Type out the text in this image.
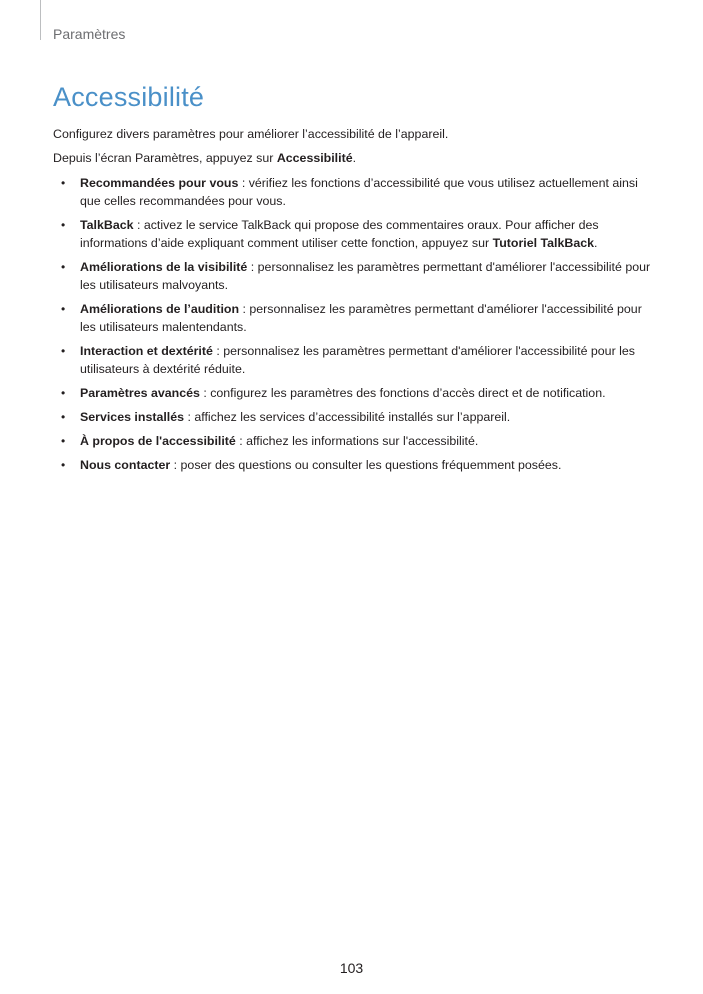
Paramètres
Accessibilité

Configurez divers paramètres pour améliorer l’accessibilité de l’appareil.

Depuis l’écran Paramètres, appuyez sur Accessibilité.

• Recommandées pour vous : vérifiez les fonctions d’accessibilité que vous utilisez actuellement ainsi que celles recommandées pour vous.
• TalkBack : activez le service TalkBack qui propose des commentaires oraux. Pour afficher des informations d’aide expliquant comment utiliser cette fonction, appuyez sur Tutoriel TalkBack.
• Améliorations de la visibilité : personnalisez les paramètres permettant d'améliorer l'accessibilité pour les utilisateurs malvoyants.
• Améliorations de l’audition : personnalisez les paramètres permettant d'améliorer l'accessibilité pour les utilisateurs malentendants.
• Interaction et dextérité : personnalisez les paramètres permettant d'améliorer l'accessibilité pour les utilisateurs à dextérité réduite.
• Paramètres avancés : configurez les paramètres des fonctions d’accès direct et de notification.
• Services installés : affichez les services d’accessibilité installés sur l’appareil.
• À propos de l'accessibilité : affichez les informations sur l'accessibilité.
• Nous contacter : poser des questions ou consulter les questions fréquemment posées.
103
